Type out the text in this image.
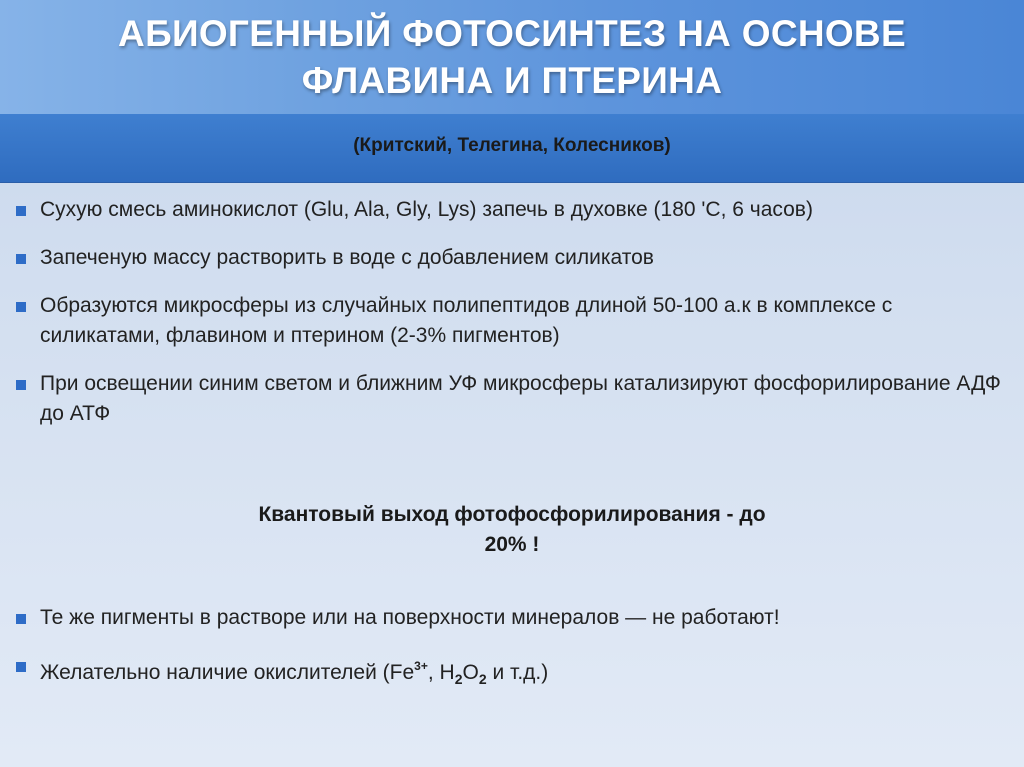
АБИОГЕННЫЙ ФОТОСИНТЕЗ НА ОСНОВЕ
ФЛАВИНА И ПТЕРИНА
(Критский, Телегина, Колесников)
Сухую смесь аминокислот (Glu, Ala, Gly, Lys) запечь в духовке (180 'С, 6 часов)
Запеченую массу растворить в воде с добавлением силикатов
Образуются микросферы из случайных полипептидов длиной 50-100 а.к в комплексе с силикатами, флавином и птерином (2-3% пигментов)
При освещении синим светом и ближним УФ микросферы катализируют фосфорилирование АДФ до АТФ
Квантовый выход фотофосфорилирования - до
20% !
Те же пигменты в растворе или на поверхности минералов — не работают!
Желательно наличие окислителей ($Fe^{3+}$, $H_2O_2$ и т.д.)
